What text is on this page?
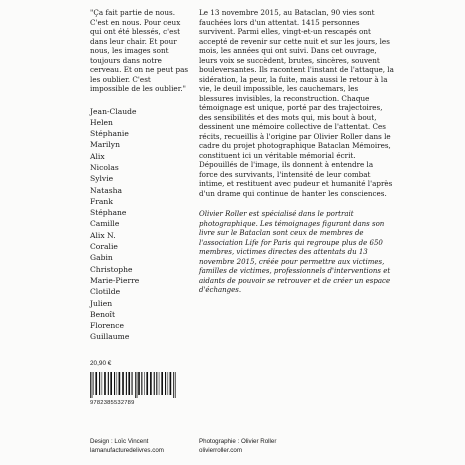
"Ça fait partie de nous. C'est en nous. Pour ceux qui ont été blessés, c'est dans leur chair. Et pour nous, les images sont toujours dans notre cerveau. Et on ne peut pas les oublier. C'est impossible de les oublier."

Jean-Claude
Helen
Stéphanie
Marilyn
Alix
Nicolas
Sylvie
Natasha
Frank
Stéphane
Camille
Alix N.
Coralie
Gabin
Christophe
Marie-Pierre
Clotilde
Julien
Benoît
Florence
Guillaume

Le 13 novembre 2015, au Bataclan, 90 vies sont fauchées lors d'un attentat. 1415 personnes survivent. Parmi elles, vingt-et-un rescapés ont accepté de revenir sur cette nuit et sur les jours, les mois, les années qui ont suivi. Dans cet ouvrage, leurs voix se succèdent, brutes, sincères, souvent bouleversantes. Ils racontent l'instant de l'attaque, la sidération, la peur, la fuite, mais aussi le retour à la vie, le deuil impossible, les cauchemars, les blessures invisibles, la reconstruction. Chaque témoignage est unique, porté par des trajectoires, des sensibilités et des mots qui, mis bout à bout, dessinent une mémoire collective de l'attentat. Ces récits, recueillis à l'origine par Olivier Roller dans le cadre du projet photographique Bataclan Mémoires, constituent ici un véritable mémorial écrit. Dépouillés de l'image, ils donnent à entendre la force des survivants, l'intensité de leur combat intime, et restituent avec pudeur et humanité l'après d'un drame qui continue de hanter les consciences.

Olivier Roller est spécialisé dans le portrait photographique. Les témoignages figurant dans son livre sur le Bataclan sont ceux de membres de l'association Life for Paris qui regroupe plus de 650 membres, victimes directes des attentats du 13 novembre 2015, créée pour permettre aux victimes, familles de victimes, professionnels d'interventions et aidants de pouvoir se retrouver et de créer un espace d'échanges.

20,90 €
9782385532789
Design : Loïc Vincent
lamanufacturedelivres.com
Photographie : Olivier Roller
olivierroller.com
